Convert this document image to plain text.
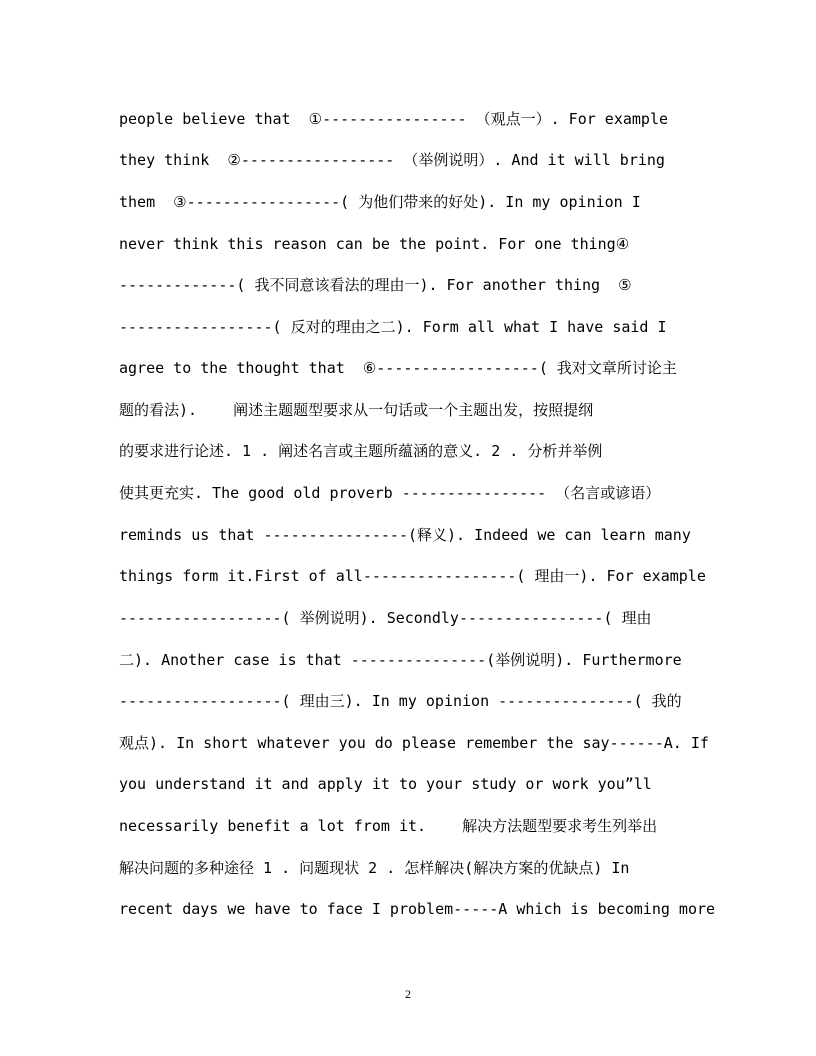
people believe that  ①---------------- （观点一）. For example
they think  ②----------------- （举例说明）. And it will bring
them  ③-----------------( 为他们带来的好处). In my opinion I
never think this reason can be the point. For one thing④
-------------( 我不同意该看法的理由一). For another thing  ⑤
-----------------( 反对的理由之二). Form all what I have said I
agree to the thought that  ⑥------------------( 我对文章所讨论主
题的看法).    阐述主题题型要求从一句话或一个主题出发，按照提纲
的要求进行论述. 1 . 阐述名言或主题所蕴涵的意义. 2 . 分析并举例
使其更充实. The good old proverb ---------------- （名言或谚语）
reminds us that ----------------(释义). Indeed we can learn many
things form it.First of all-----------------( 理由一). For example
------------------( 举例说明). Secondly----------------( 理由
二). Another case is that ---------------(举例说明). Furthermore
------------------( 理由三). In my opinion ---------------( 我的
观点). In short whatever you do please remember the say------A. If
you understand it and apply it to your study or work you”ll
necessarily benefit a lot from it.    解决方法题型要求考生列举出
解决问题的多种途径 1 . 问题现状 2 . 怎样解决(解决方案的优缺点) In
recent days we have to face I problem-----A which is becoming more
2
